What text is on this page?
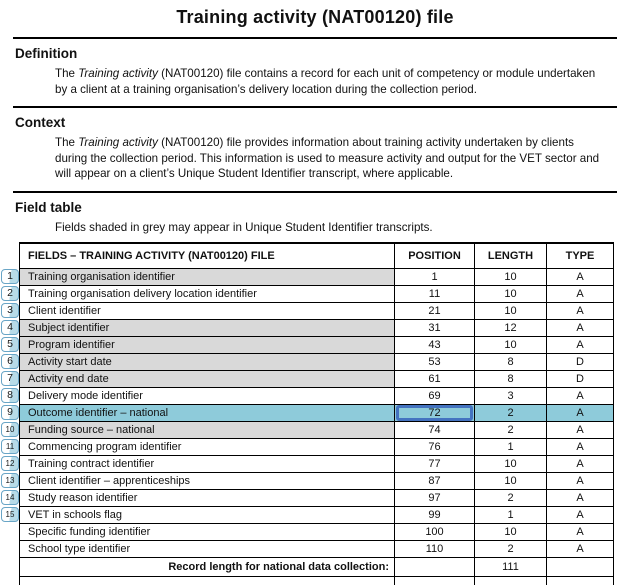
Training activity (NAT00120) file
Definition

The Training activity (NAT00120) file contains a record for each unit of competency or module undertaken by a client at a training organisation’s delivery location during the collection period.

Context

The Training activity (NAT00120) file provides information about training activity undertaken by clients during the collection period. This information is used to measure activity and output for the VET sector and will appear on a client’s Unique Student Identifier transcript, where applicable.

Field table

Fields shaded in grey may appear in Unique Student Identifier transcripts.

FIELDS – TRAINING ACTIVITY (NAT00120) FILE	POSITION	LENGTH	TYPE

1 Training organisation identifier	1	10	A

2 Training organisation delivery location identifier	11	10	A

3 Client identifier	21	10	A

4 Subject identifier	31	12	A

5 Program identifier	43	10	A

6 Activity start date	53	8	D

7 Activity end date	61	8	D

8 Delivery mode identifier	69	3	A

9 Outcome identifier – national	72	2	A

10 Funding source – national	74	2	A

11 Commencing program identifier	76	1	A

12 Training contract identifier	77	10	A

13 Client identifier – apprenticeships	87	10	A

14 Study reason identifier	97	2	A

15 VET in schools flag	99	1	A
Specific funding identifier	100	10	A
School type identifier	110	2	A
Record length for national data collection:		111	
